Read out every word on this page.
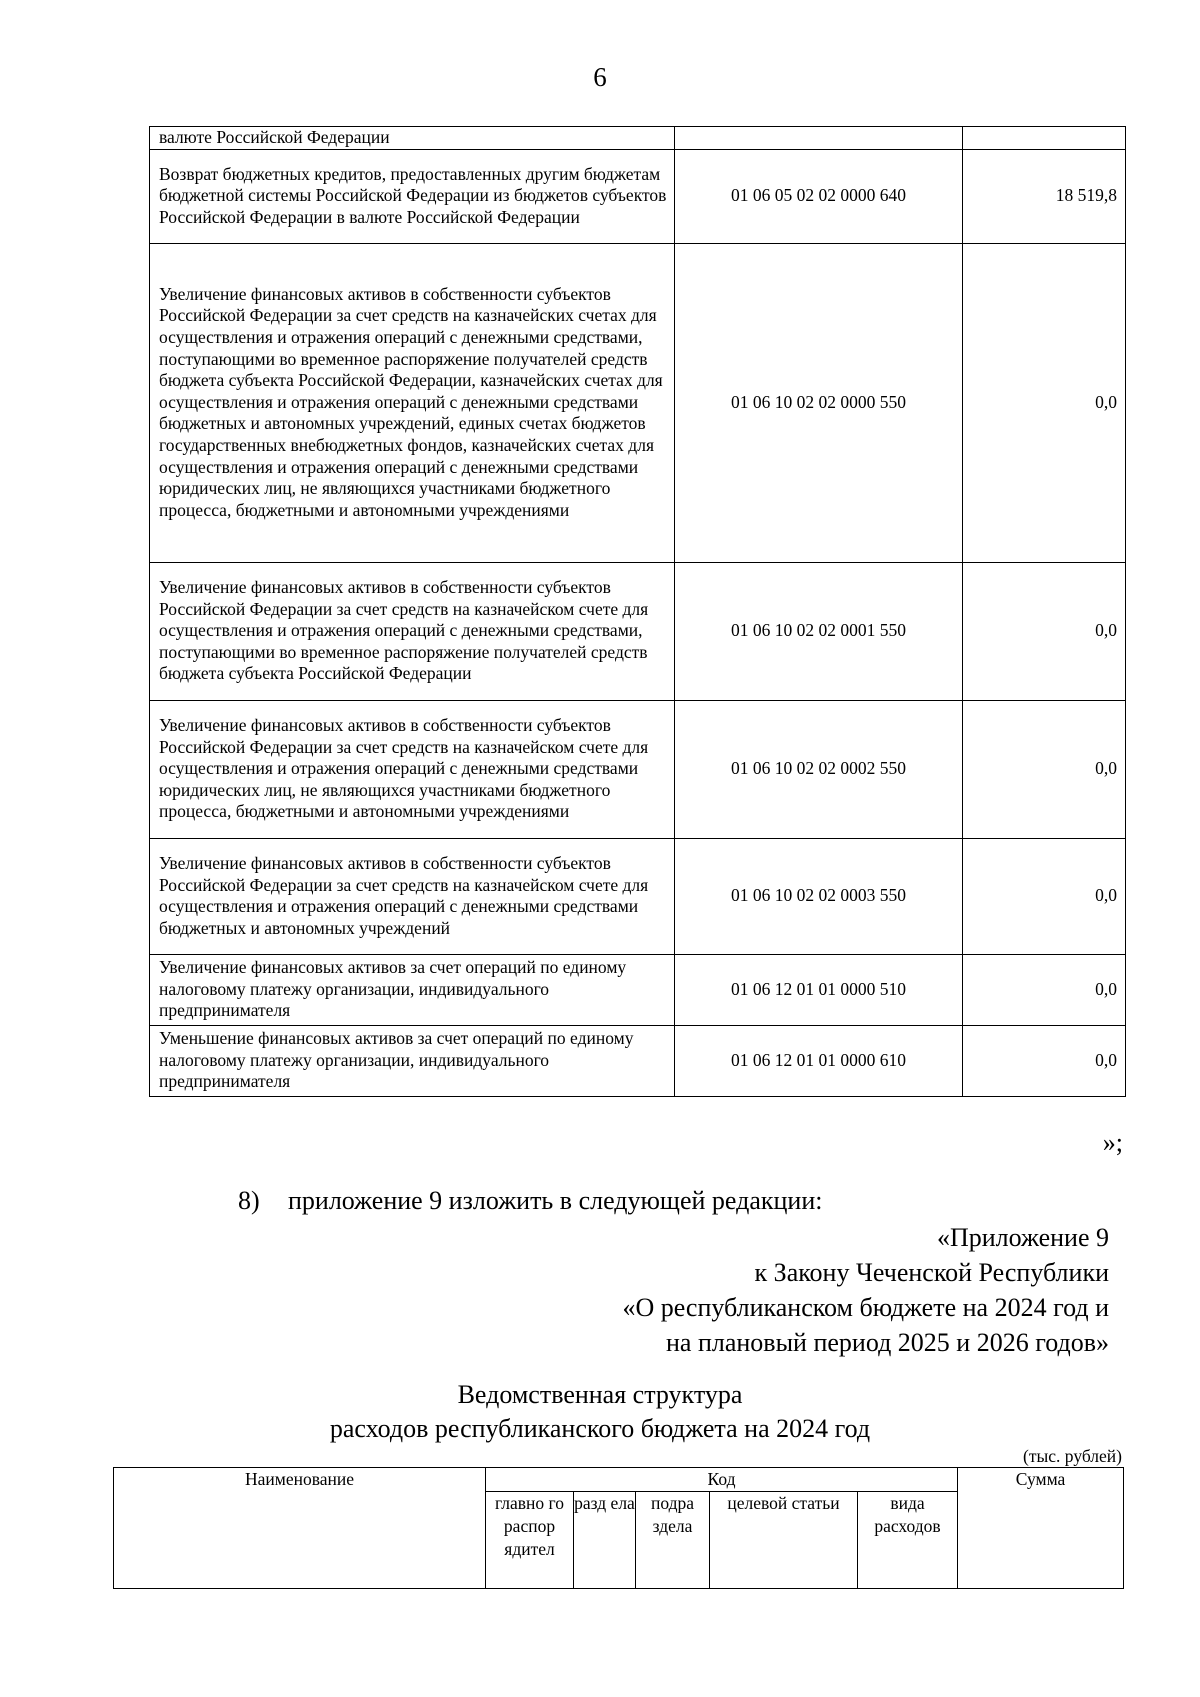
6
валюте Российской Федерации		
Возврат бюджетных кредитов, предоставленных другим бюджетам бюджетной системы Российской Федерации из бюджетов субъектов Российской Федерации в валюте Российской Федерации	01 06 05 02 02 0000 640	18 519,8
Увеличение финансовых активов в собственности субъектов Российской Федерации за счет средств на казначейских счетах для осуществления и отражения операций с денежными средствами, поступающими во временное распоряжение получателей средств бюджета субъекта Российской Федерации, казначейских счетах для осуществления и отражения операций с денежными средствами бюджетных и автономных учреждений, единых счетах бюджетов государственных внебюджетных фондов, казначейских счетах для осуществления и отражения операций с денежными средствами юридических лиц, не являющихся участниками бюджетного процесса, бюджетными и автономными учреждениями	01 06 10 02 02 0000 550	0,0
Увеличение финансовых активов в собственности субъектов Российской Федерации за счет средств на казначейском счете для осуществления и отражения операций с денежными средствами, поступающими во временное распоряжение получателей средств бюджета субъекта Российской Федерации	01 06 10 02 02 0001 550	0,0
Увеличение финансовых активов в собственности субъектов Российской Федерации за счет средств на казначейском счете для осуществления и отражения операций с денежными средствами юридических лиц, не являющихся участниками бюджетного процесса, бюджетными и автономными учреждениями	01 06 10 02 02 0002 550	0,0
Увеличение финансовых активов в собственности субъектов Российской Федерации за счет средств на казначейском счете для осуществления и отражения операций с денежными средствами бюджетных и автономных учреждений	01 06 10 02 02 0003 550	0,0
Увеличение финансовых активов за счет операций по единому налоговому платежу организации, индивидуального предпринимателя	01 06 12 01 01 0000 510	0,0
Уменьшение финансовых активов за счет операций по единому налоговому платежу организации, индивидуального предпринимателя	01 06 12 01 01 0000 610	0,0
»;
8) приложение 9 изложить в следующей редакции:
«Приложение 9
к Закону Чеченской Республики
«О республиканском бюджете на 2024 год и
на плановый период 2025 и 2026 годов»
Ведомственная структура
расходов республиканского бюджета на 2024 год
(тыс. рублей)
Наименование	Код					Сумма
	главно го распор ядител	разд ела	подра здела	целевой статьи	вида расходов	
